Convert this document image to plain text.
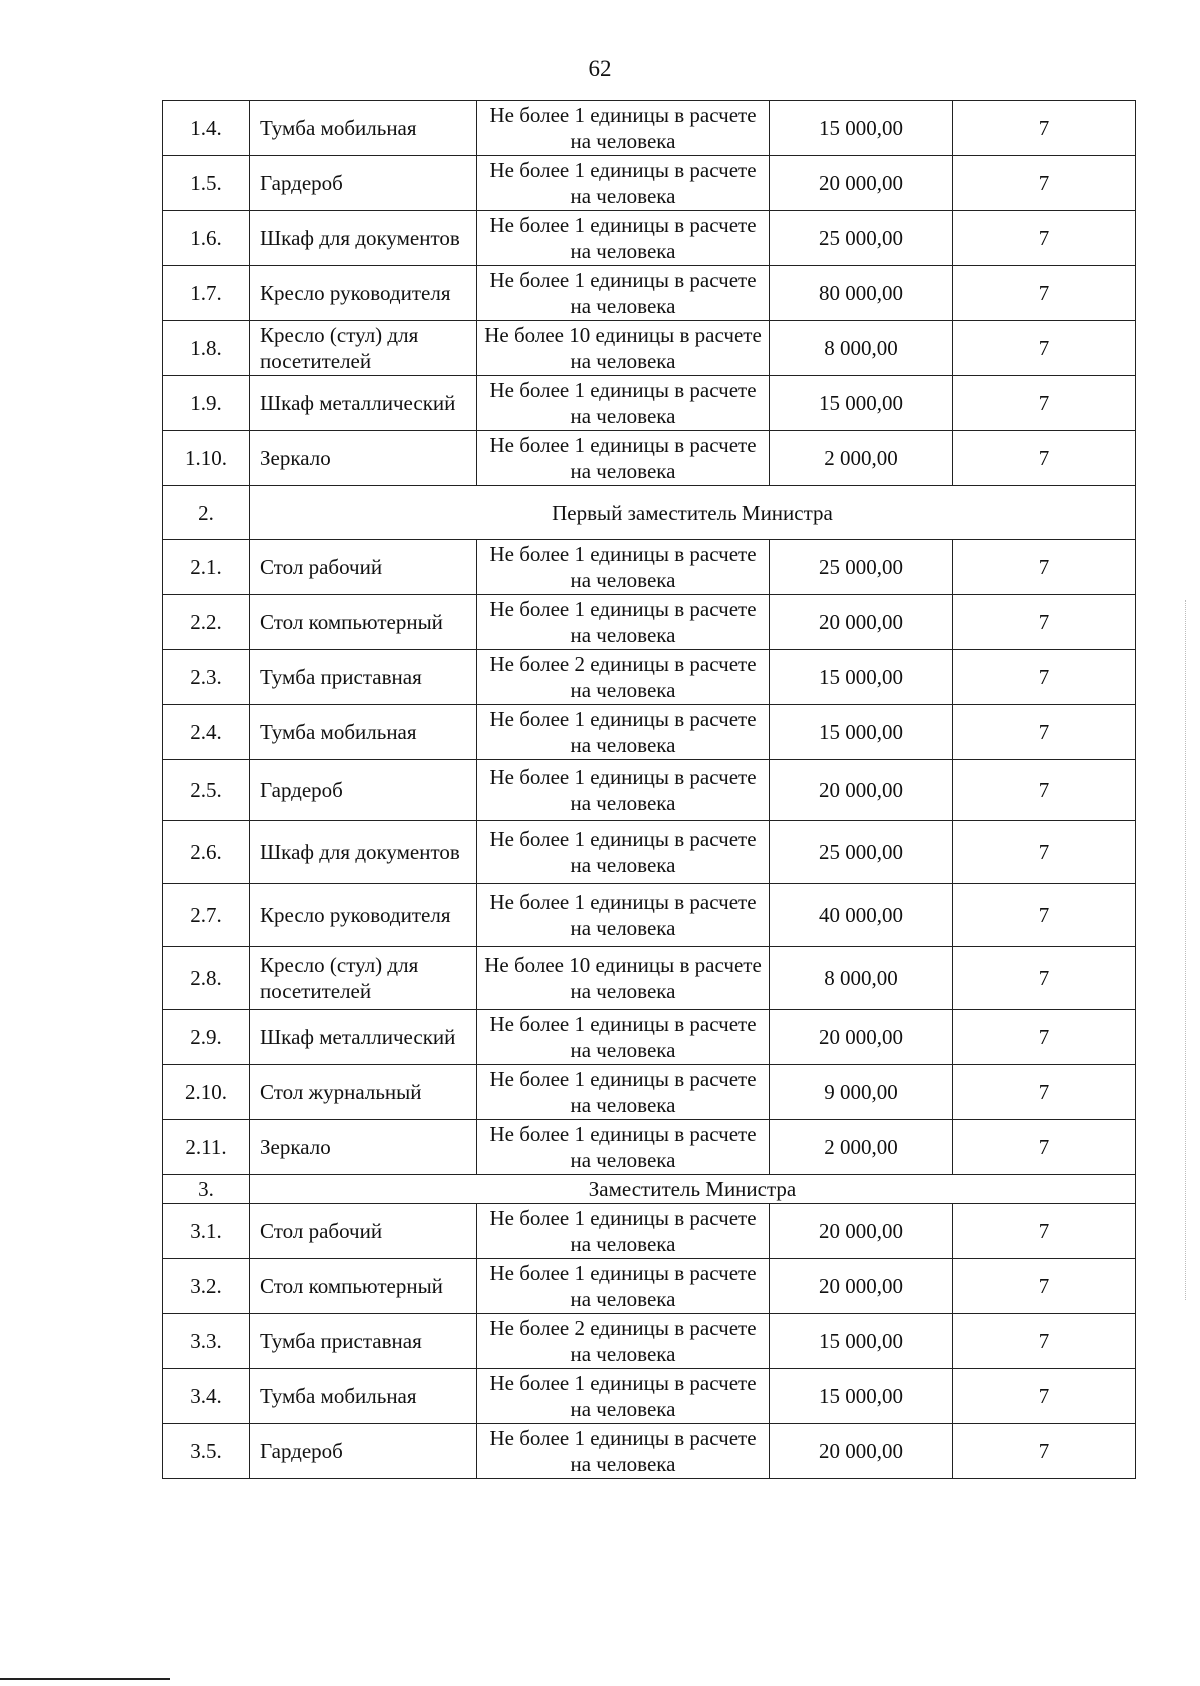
62
1.4.	Тумба мобильная	Не более 1 единицы в расчете на человека	15 000,00	7
1.5.	Гардероб	Не более 1 единицы в расчете на человека	20 000,00	7
1.6.	Шкаф для документов	Не более 1 единицы в расчете на человека	25 000,00	7
1.7.	Кресло руководителя	Не более 1 единицы в расчете на человека	80 000,00	7
1.8.	Кресло (стул) для посетителей	Не более 10 единицы в расчете на человека	8 000,00	7
1.9.	Шкаф металлический	Не более 1 единицы в расчете на человека	15 000,00	7
1.10.	Зеркало	Не более 1 единицы в расчете на человека	2 000,00	7
2.	Первый заместитель Министра			
2.1.	Стол рабочий	Не более 1 единицы в расчете на человека	25 000,00	7
2.2.	Стол компьютерный	Не более 1 единицы в расчете на человека	20 000,00	7
2.3.	Тумба приставная	Не более 2 единицы в расчете на человека	15 000,00	7
2.4.	Тумба мобильная	Не более 1 единицы в расчете на человека	15 000,00	7
2.5.	Гардероб	Не более 1 единицы в расчете на человека	20 000,00	7
2.6.	Шкаф для документов	Не более 1 единицы в расчете на человека	25 000,00	7
2.7.	Кресло руководителя	Не более 1 единицы в расчете на человека	40 000,00	7
2.8.	Кресло (стул) для посетителей	Не более 10 единицы в расчете на человека	8 000,00	7
2.9.	Шкаф металлический	Не более 1 единицы в расчете на человека	20 000,00	7
2.10.	Стол журнальный	Не более 1 единицы в расчете на человека	9 000,00	7
2.11.	Зеркало	Не более 1 единицы в расчете на человека	2 000,00	7
3.	Заместитель Министра			
3.1.	Стол рабочий	Не более 1 единицы в расчете на человека	20 000,00	7
3.2.	Стол компьютерный	Не более 1 единицы в расчете на человека	20 000,00	7
3.3.	Тумба приставная	Не более 2 единицы в расчете на человека	15 000,00	7
3.4.	Тумба мобильная	Не более 1 единицы в расчете на человека	15 000,00	7
3.5.	Гардероб	Не более 1 единицы в расчете на человека	20 000,00	7
